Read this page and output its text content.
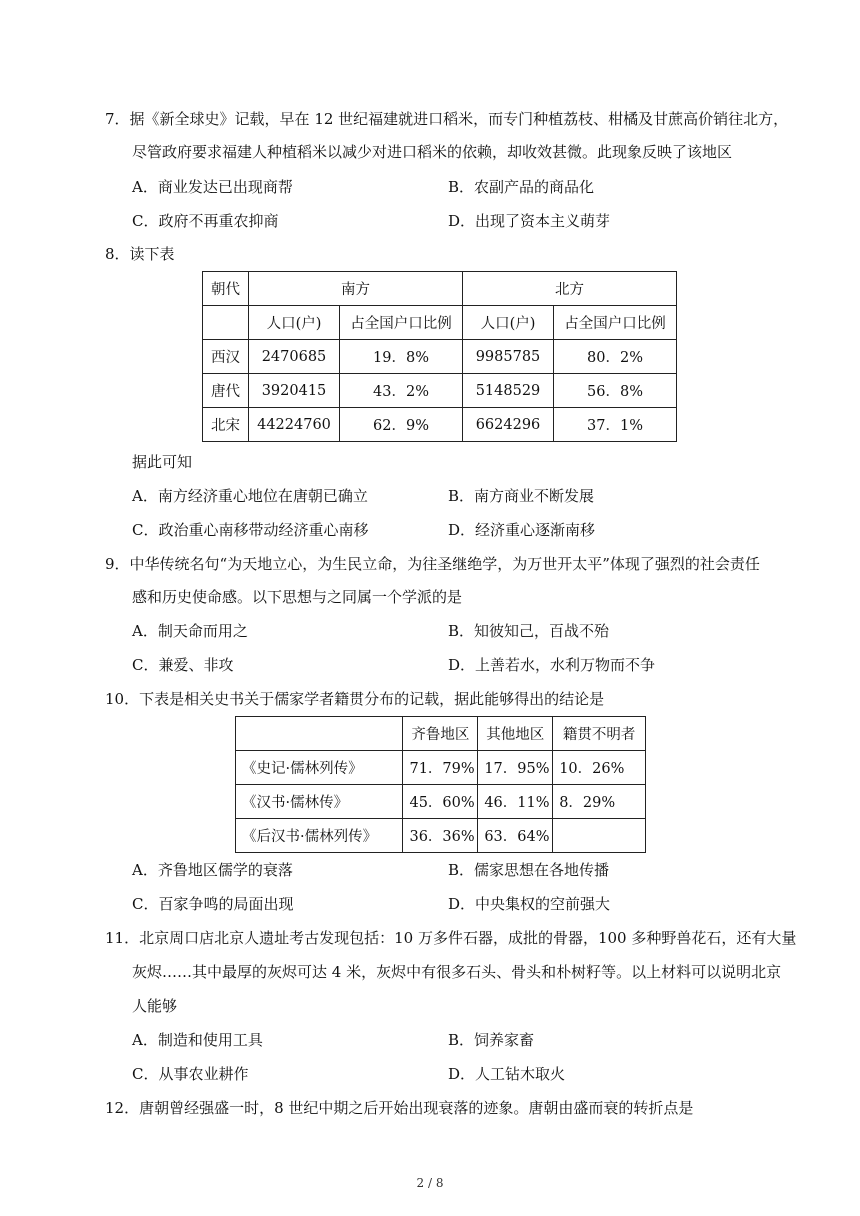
7．据《新全球史》记载，早在 12 世纪福建就进口稻米，而专门种植荔枝、柑橘及甘蔗高价销往北方，
尽管政府要求福建人种植稻米以减少对进口稻米的依赖，却收效甚微。此现象反映了该地区
A．商业发达已出现商帮	B．农副产品的商品化
C．政府不再重农抑商	D．出现了资本主义萌芽
8．读下表
朝代	南方		北方	
	人口(户)	占全国户口比例	人口(户)	占全国户口比例
西汉	2470685	19．8%	9985785	80．2%
唐代	3920415	43．2%	5148529	56．8%
北宋	44224760	62．9%	6624296	37．1%
据此可知
A．南方经济重心地位在唐朝已确立	B．南方商业不断发展
C．政治重心南移带动经济重心南移	D．经济重心逐渐南移
9．中华传统名句“为天地立心，为生民立命，为往圣继绝学，为万世开太平”体现了强烈的社会责任
感和历史使命感。以下思想与之同属一个学派的是
A．制天命而用之	B．知彼知己，百战不殆
C．兼爱、非攻	D．上善若水，水利万物而不争
10．下表是相关史书关于儒家学者籍贯分布的记载，据此能够得出的结论是
	齐鲁地区	其他地区	籍贯不明者
《史记·儒林列传》	71．79%	17．95%	10．26%
《汉书·儒林传》	45．60%	46．11%	8．29%
《后汉书·儒林列传》	36．36%	63．64%	
A．齐鲁地区儒学的衰落	B．儒家思想在各地传播
C．百家争鸣的局面出现	D．中央集权的空前强大
11．北京周口店北京人遗址考古发现包括：10 万多件石器，成批的骨器，100 多种野兽花石，还有大量
灰烬……其中最厚的灰烬可达 4 米，灰烬中有很多石头、骨头和朴树籽等。以上材料可以说明北京
人能够
A．制造和使用工具	B．饲养家畜
C．从事农业耕作	D．人工钻木取火
12．唐朝曾经强盛一时，8 世纪中期之后开始出现衰落的迹象。唐朝由盛而衰的转折点是
2 / 8
